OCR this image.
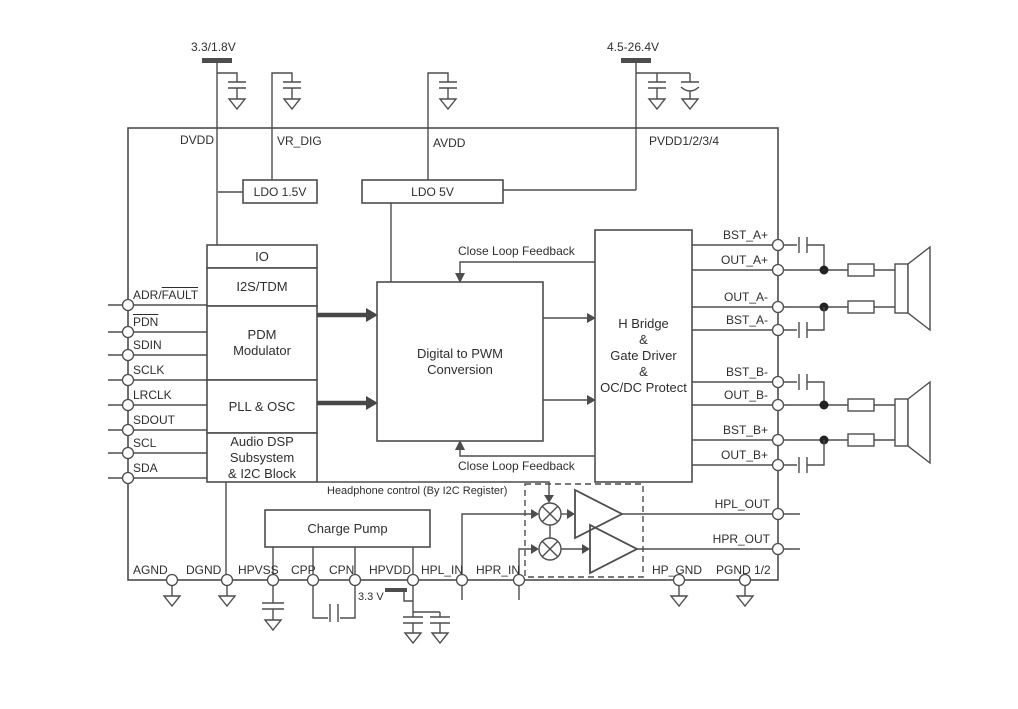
3.3/1.8V	4.5-26.4V
DVDD	VR_DIG	AVDD	PVDD1/2/3/4
LDO 1.5V	LDO 5V
ADR/FAULT
$\overline{PDN}$
SDIN
SCLK
LRCLK
SDOUT
SCL
SDA
IO
I2S/TDM
PDM
Modulator
PLL & OSC
Audio DSP
Subsystem
& I2C Block
Digital to PWM
Conversion
H Bridge
&
Gate Driver
&
OC/DC Protect
Charge Pump
Close Loop Feedback
Close Loop Feedback
Headphone control (By I2C Register)
BST_A+
OUT_A+
OUT_A-
BST_A-
BST_B-
OUT_B-
BST_B+
OUT_B+
HPL_OUT
HPR_OUT
AGND DGND HPVSS CPP CPN HPVDD HPL_IN HPR_IN	HP_GND PGND 1/2
3.3 V
